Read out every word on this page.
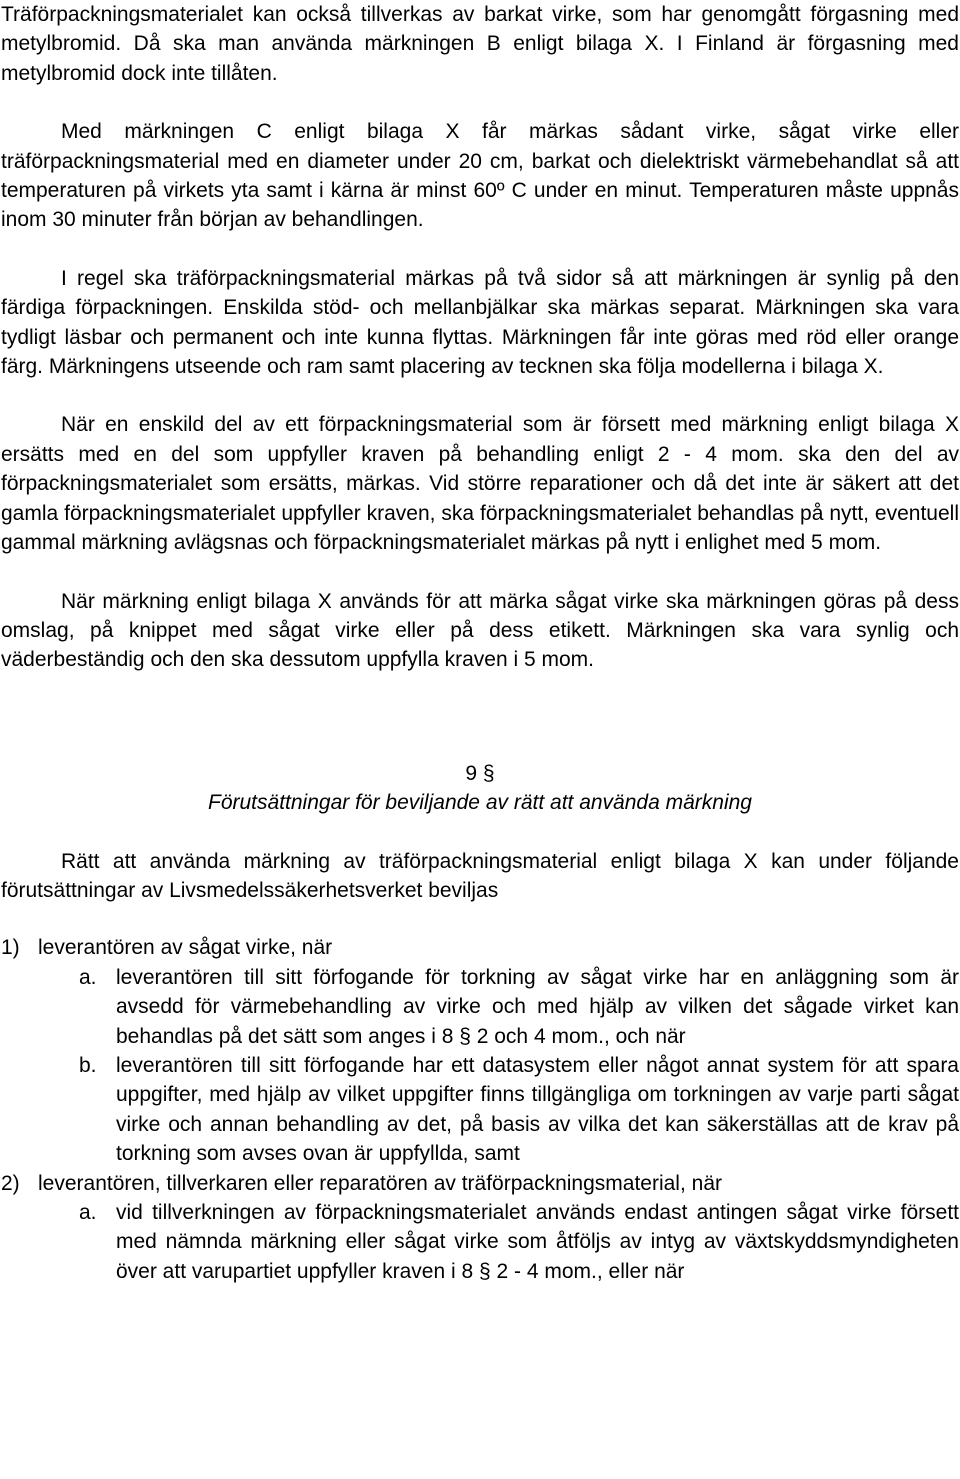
Träförpackningsmaterialet kan också tillverkas av barkat virke, som har genomgått förgasning med metylbromid. Då ska man använda märkningen B enligt bilaga X. I Finland är förgasning med metylbromid dock inte tillåten.

Med märkningen C enligt bilaga X får märkas sådant virke, sågat virke eller träförpackningsmaterial med en diameter under 20 cm, barkat och dielektriskt värmebehandlat så att temperaturen på virkets yta samt i kärna är minst 60º C under en minut. Temperaturen måste uppnås inom 30 minuter från början av behandlingen.

I regel ska träförpackningsmaterial märkas på två sidor så att märkningen är synlig på den färdiga förpackningen. Enskilda stöd- och mellanbjälkar ska märkas separat. Märkningen ska vara tydligt läsbar och permanent och inte kunna flyttas. Märkningen får inte göras med röd eller orange färg. Märkningens utseende och ram samt placering av tecknen ska följa modellerna i bilaga X.

När en enskild del av ett förpackningsmaterial som är försett med märkning enligt bilaga X ersätts med en del som uppfyller kraven på behandling enligt 2 - 4 mom. ska den del av förpackningsmaterialet som ersätts, märkas. Vid större reparationer och då det inte är säkert att det gamla förpackningsmaterialet uppfyller kraven, ska förpackningsmaterialet behandlas på nytt, eventuell gammal märkning avlägsnas och förpackningsmaterialet märkas på nytt i enlighet med 5 mom.

När märkning enligt bilaga X används för att märka sågat virke ska märkningen göras på dess omslag, på knippet med sågat virke eller på dess etikett. Märkningen ska vara synlig och väderbeständig och den ska dessutom uppfylla kraven i 5 mom.

9 §
Förutsättningar för beviljande av rätt att använda märkning

Rätt att använda märkning av träförpackningsmaterial enligt bilaga X kan under följande förutsättningar av Livsmedelssäkerhetsverket beviljas

1) leverantören av sågat virke, när
a. leverantören till sitt förfogande för torkning av sågat virke har en anläggning som är avsedd för värmebehandling av virke och med hjälp av vilken det sågade virket kan behandlas på det sätt som anges i 8 § 2 och 4 mom., och när
b. leverantören till sitt förfogande har ett datasystem eller något annat system för att spara uppgifter, med hjälp av vilket uppgifter finns tillgängliga om torkningen av varje parti sågat virke och annan behandling av det, på basis av vilka det kan säkerställas att de krav på torkning som avses ovan är uppfyllda, samt
2) leverantören, tillverkaren eller reparatören av träförpackningsmaterial, när
a. vid tillverkningen av förpackningsmaterialet används endast antingen sågat virke försett med nämnda märkning eller sågat virke som åtföljs av intyg av växtskyddsmyndigheten över att varupartiet uppfyller kraven i 8 § 2 - 4 mom., eller när
